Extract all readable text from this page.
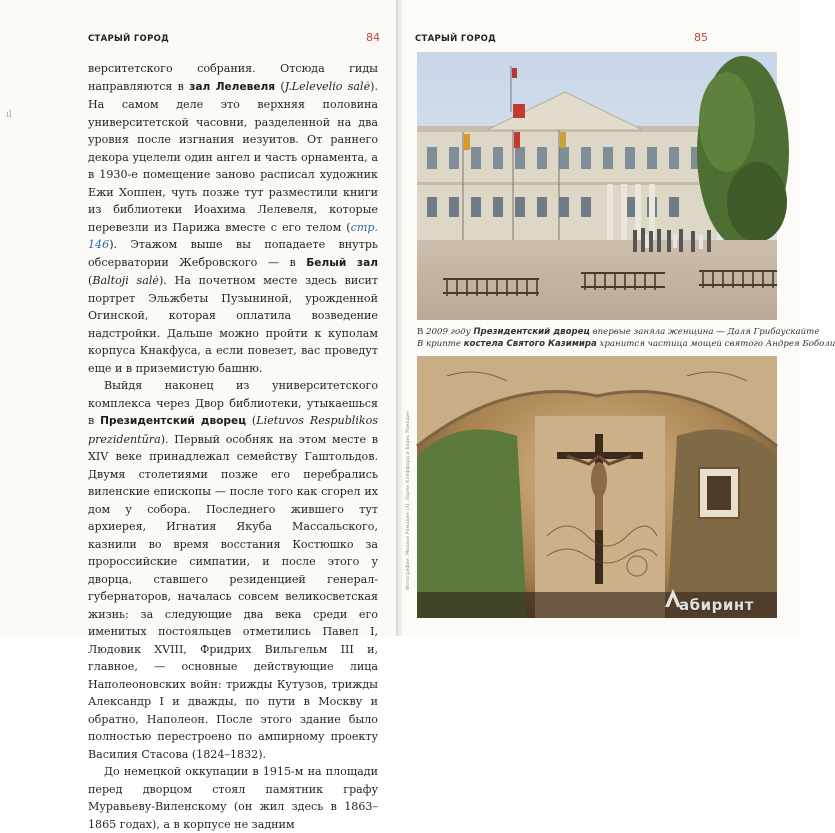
СТАРЫЙ ГОРОД	84
ıl

верситетского собрания. Отсюда гиды направляются в зал Лелевеля (J.Lelevelio salė). На самом деле это верхняя половина университетской часовни, разделенной на два уровня после изгнания иезуитов. От раннего декора уцелели один ангел и часть орнамента, а в 1930-е помещение заново расписал художник Ежи Хоппен, чуть позже тут разместили книги из библиотеки Иоахима Лелевеля, которые перевезли из Парижа вместе с его телом (стр. 146). Этажом выше вы попадаете внутрь обсерватории Жебровского — в Белый зал (Baltoji salė). На почетном месте здесь висит портрет Эльжбеты Пузыниной, урожденной Огинской, которая оплатила возведение надстройки. Дальше можно пройти к куполам корпуса Кнакфуса, а если повезет, вас проведут еще и в приземистую башню.

Выйдя наконец из университетского комплекса через Двор библиотеки, утыкаешься в Президентский дворец (Lietuvos Respublikos prezidentūra). Первый особняк на этом месте в XIV веке принадлежал семейству Гаштольдов. Двумя столетиями позже его перебрались виленские епископы — после того как сгорел их дом у собора. Последнего жившего тут архиерея, Игнатия Якуба Массальского, казнили во время восстания Костюшко за пророссийские симпатии, и после этого у дворца, ставшего резиденцией генерал-губернаторов, началась совсем великосветская жизнь: за следующие два века среди его именитых постояльцев отметились Павел I, Людовик XVIII, Фридрих Вильгельм III и, главное, — основные действующие лица Наполеоновских войн: трижды Кутузов, трижды Александр I и дважды, по пути в Москву и обратно, Наполеон. После этого здание было полностью перестроено по ампирному проекту Василия Стасова (1824–1832).

До немецкой оккупации в 1915-м на площади перед дворцом стоял памятник графу Муравьеву-Виленскому (он жил здесь в 1863–1865 годах), а в корпусе не задним

СТАРЫЙ ГОРОД	85
В 2009 году Президентский дворец впервые заняла женщина — Даля Грибаускайте
В крипте костела Святого Казимира хранится частица мощей святого Андрея Боболи
Фотографии: Михаил Ромадин (3), Лорен Клиффорд и Борис Ромадин
абиринт
